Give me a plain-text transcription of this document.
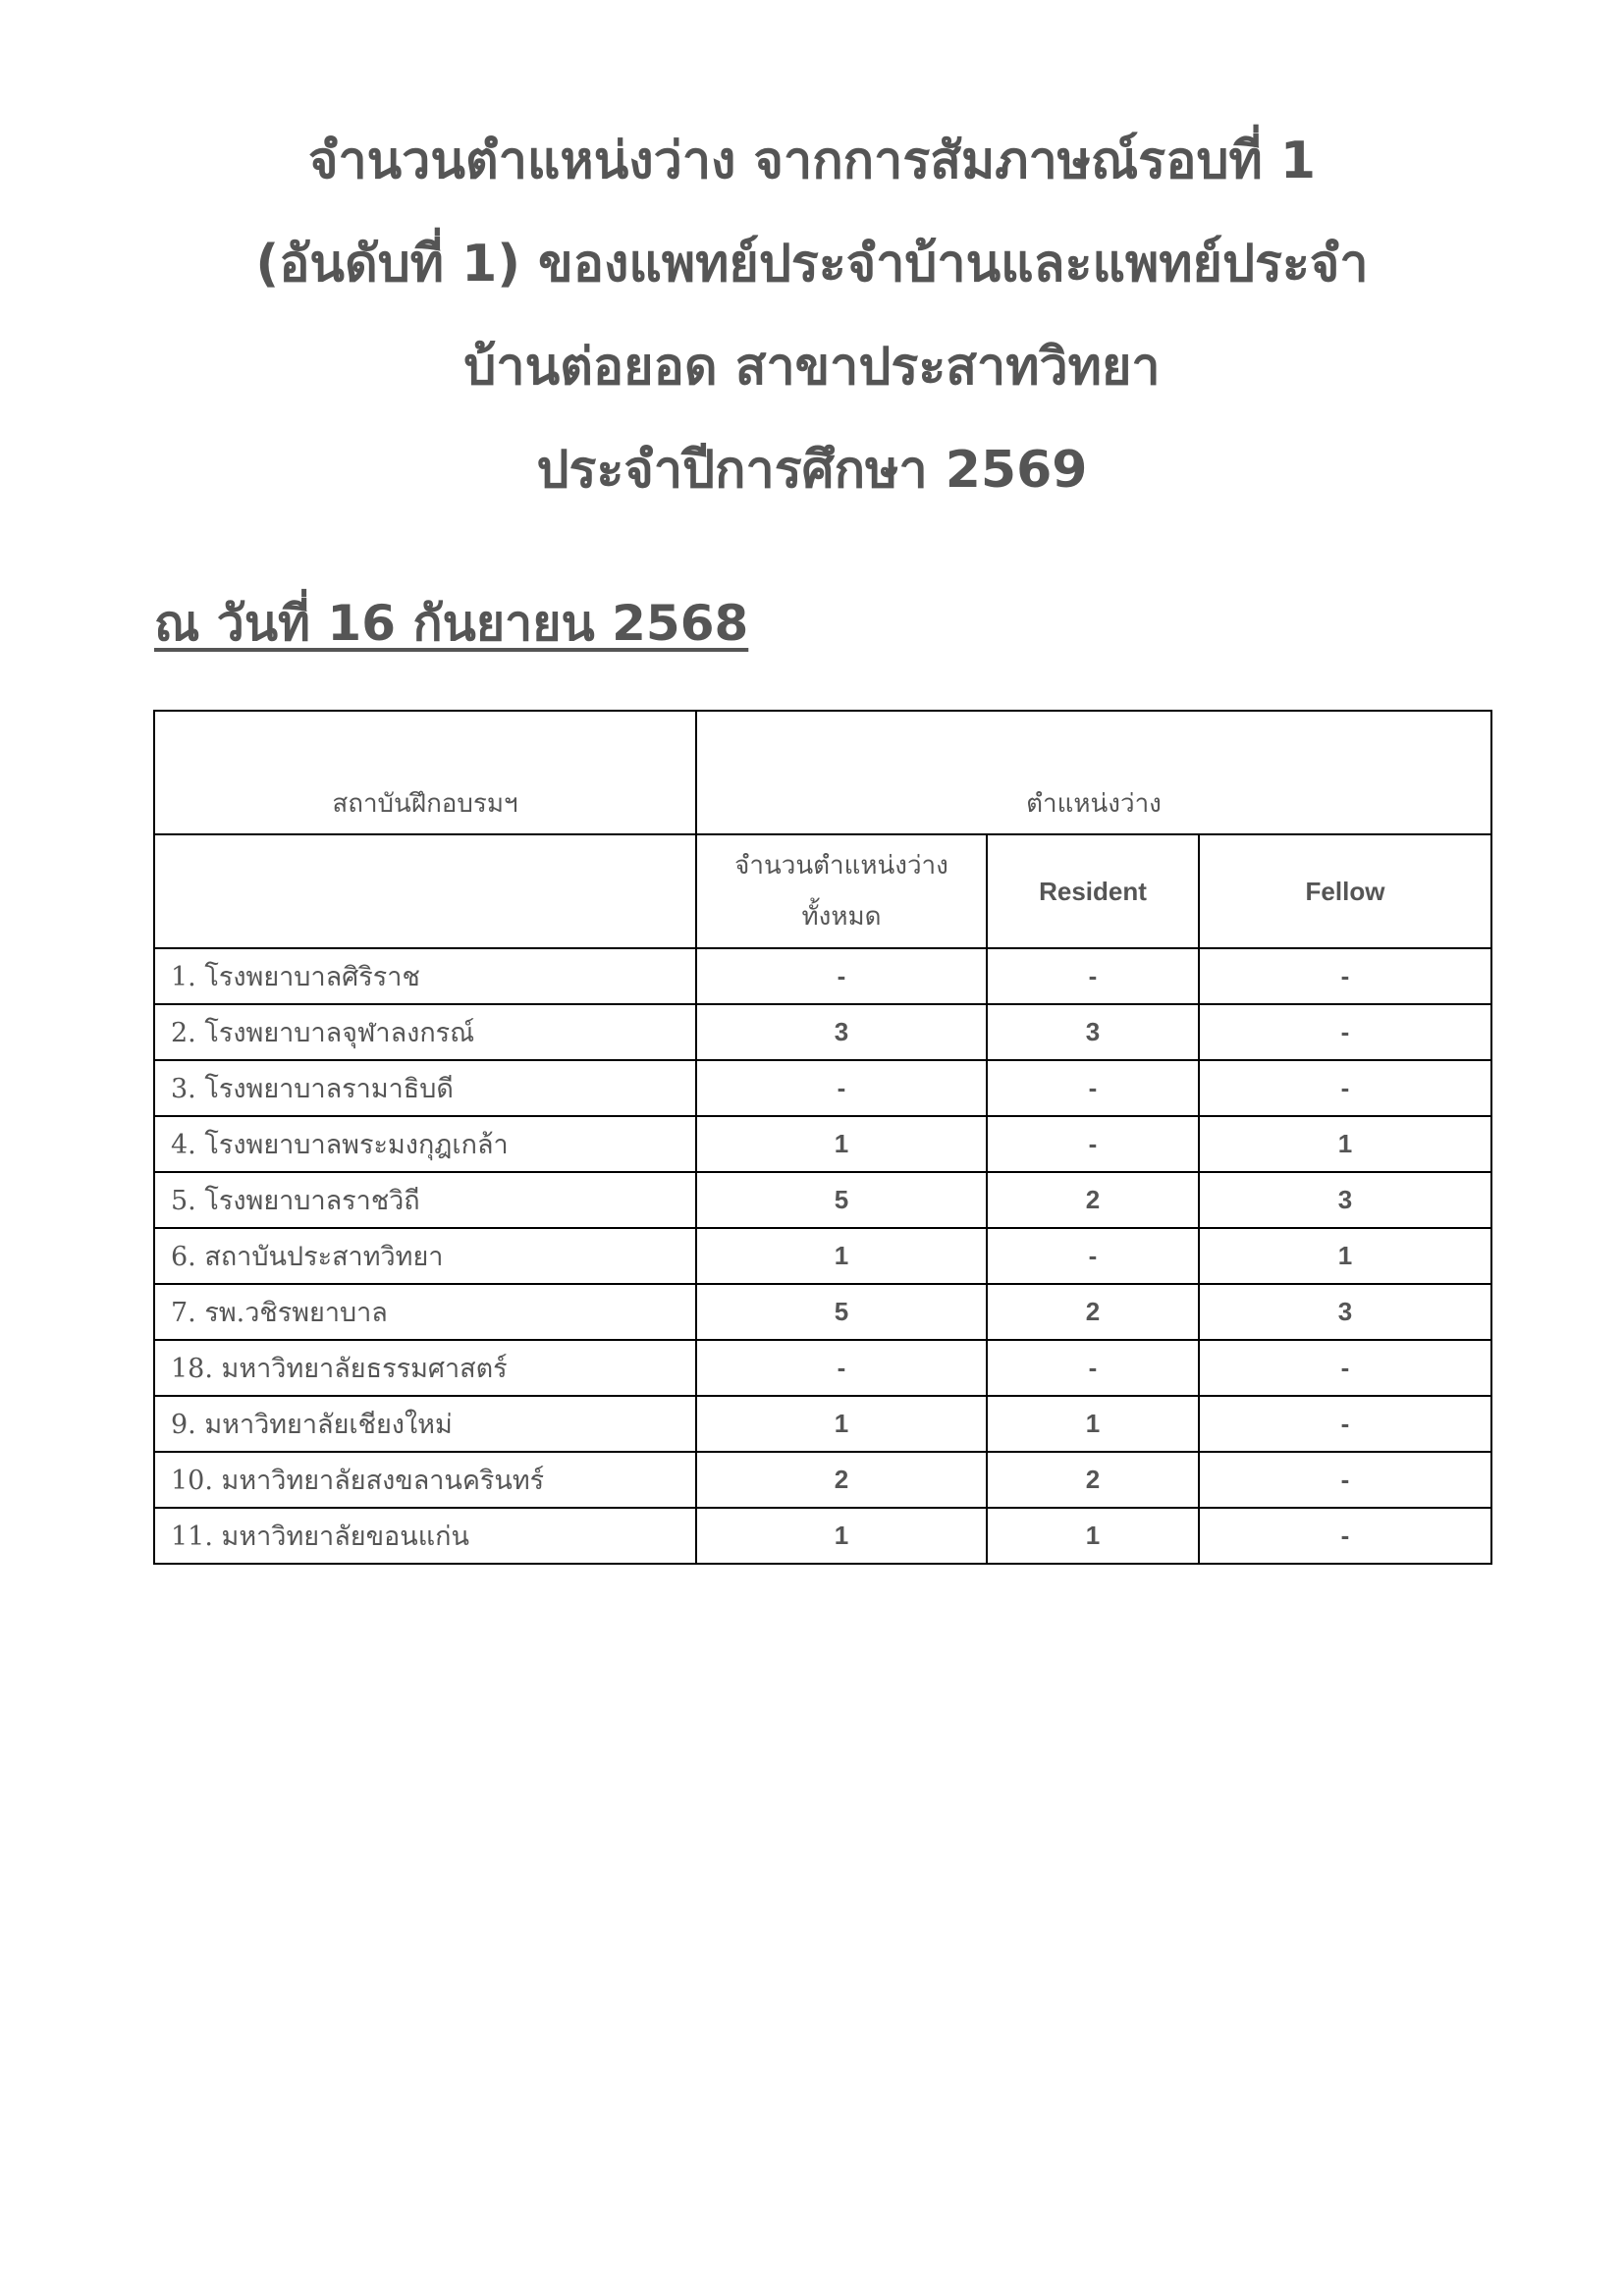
จำนวนตำแหน่งว่าง จากการสัมภาษณ์รอบที่ 1
(อันดับที่ 1) ของแพทย์ประจำบ้านและแพทย์ประจำ
บ้านต่อยอด สาขาประสาทวิทยา
ประจำปีการศึกษา 2569
ณ วันที่ 16 กันยายน 2568
สถาบันฝึกอบรมฯ	ตำแหน่งว่าง		

	จำนวนตำแหน่งว่าง
ทั้งหมด	Resident	Fellow
1. โรงพยาบาลศิริราช	-	-	-
2. โรงพยาบาลจุฬาลงกรณ์	3	3	-
3. โรงพยาบาลรามาธิบดี	-	-	-
4. โรงพยาบาลพระมงกุฎเกล้า	1	-	1
5. โรงพยาบาลราชวิถี	5	2	3
6. สถาบันประสาทวิทยา	1	-	1
7. รพ.วชิรพยาบาล	5	2	3
18. มหาวิทยาลัยธรรมศาสตร์	-	-	-
9. มหาวิทยาลัยเชียงใหม่	1	1	-
10. มหาวิทยาลัยสงขลานครินทร์	2	2	-
11. มหาวิทยาลัยขอนแก่น	1	1	-
